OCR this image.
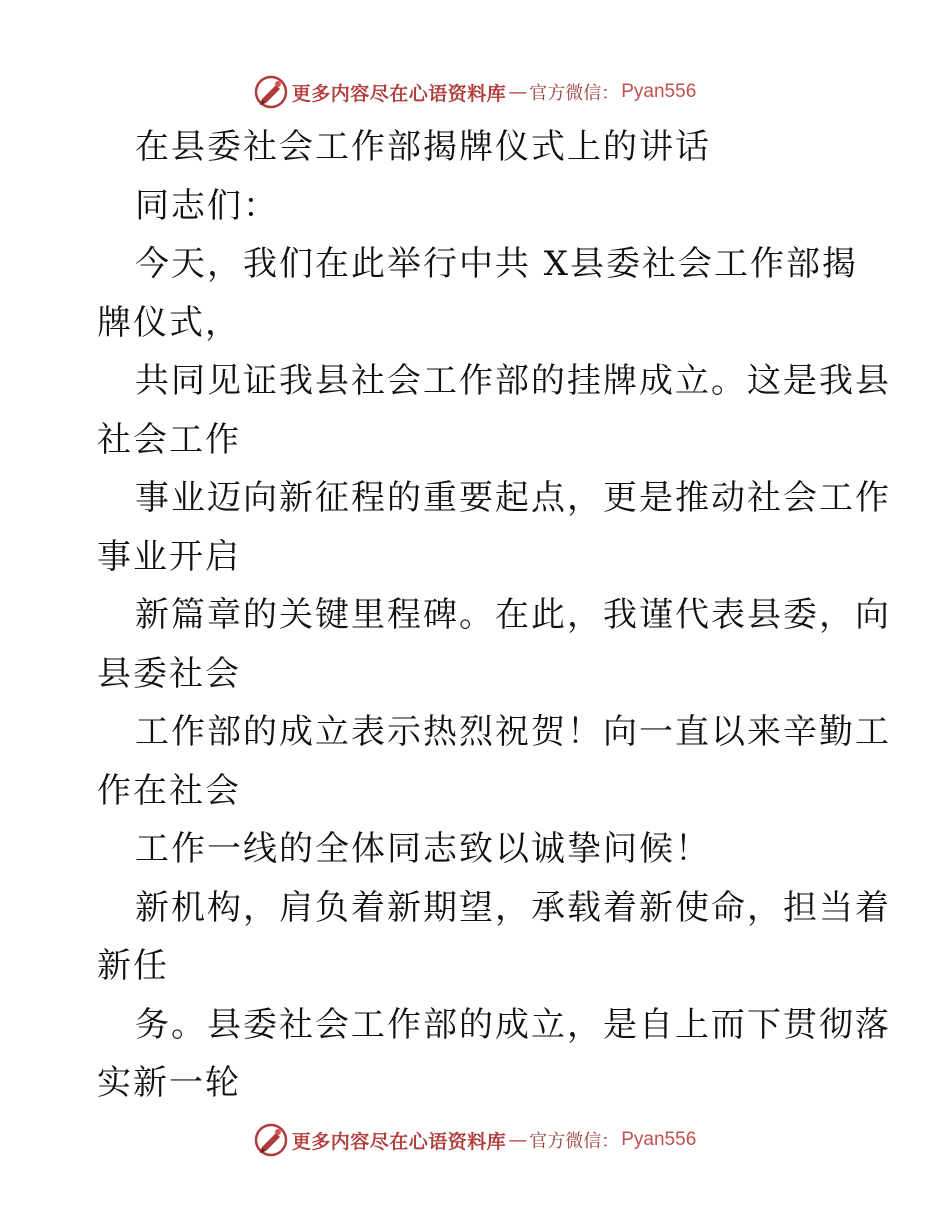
更多内容尽在心语资料库 — 官方微信： Pyan556
在县委社会工作部揭牌仪式上的讲话
同志们：
今天，我们在此举行中共 X县委社会工作部揭
牌仪式，
共同见证我县社会工作部的挂牌成立。这是我县
社会工作
事业迈向新征程的重要起点，更是推动社会工作
事业开启
新篇章的关键里程碑。在此，我谨代表县委，向
县委社会
工作部的成立表示热烈祝贺！向一直以来辛勤工
作在社会
工作一线的全体同志致以诚挚问候！
新机构，肩负着新期望，承载着新使命，担当着
新任
务。县委社会工作部的成立，是自上而下贯彻落
实新一轮
更多内容尽在心语资料库 — 官方微信： Pyan556
